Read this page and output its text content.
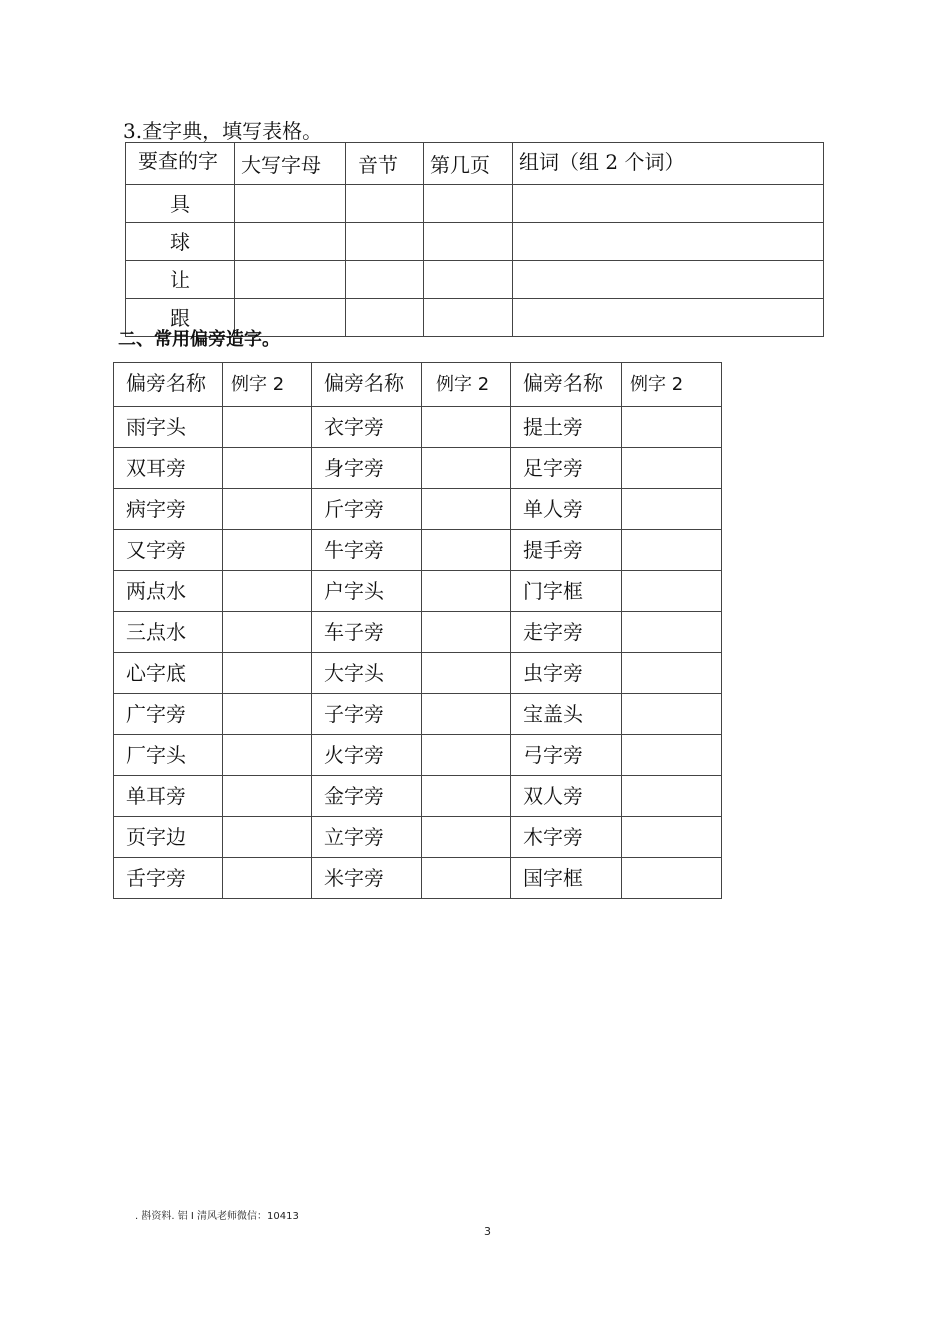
3.查字典，填写表格。
要查的字	大写字母	音节	第几页	组词（组 2 个词）
具				
球				
让				
跟				
二、常用偏旁造字。
偏旁名称	例字 2	偏旁名称	例字 2	偏旁名称	例字 2
雨字头		衣字旁		提土旁	
双耳旁		身字旁		足字旁	
病字旁		斤字旁		单人旁	
又字旁		牛字旁		提手旁	
两点水		户字头		门字框	
三点水		车子旁		走字旁	
心字底		大字头		虫字旁	
广字旁		子字旁		宝盖头	
厂字头		火字旁		弓字旁	
单耳旁		金字旁		双人旁	
页字边		立字旁		木字旁	
舌字旁		米字旁		国字框	
. 斟资料. 铝 I 清风老师微信：10413
3
